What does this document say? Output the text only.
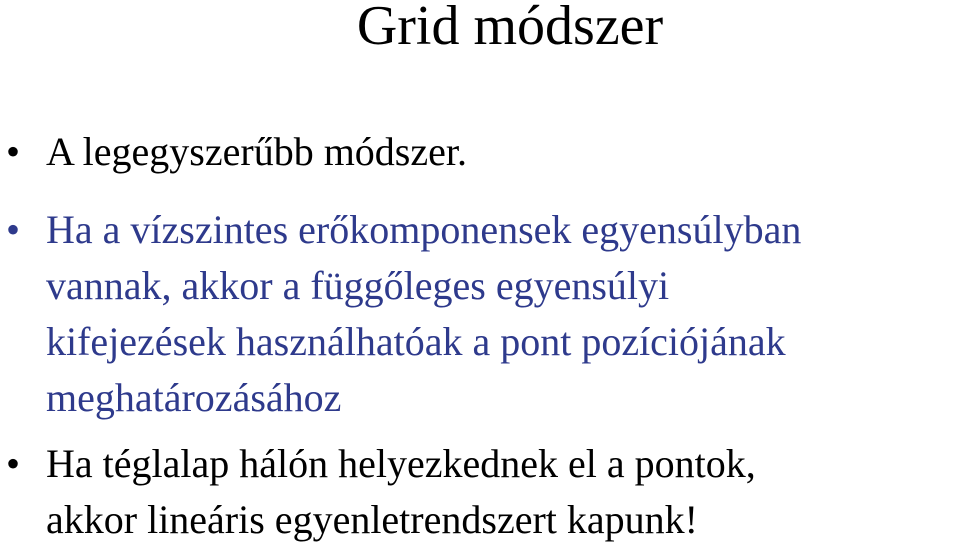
Grid módszer
• A legegyszerűbb módszer.
• Ha a vízszintes erőkomponensek egyensúlyban
vannak, akkor a függőleges egyensúlyi
kifejezések használhatóak a pont pozíciójának
meghatározásához
• Ha téglalap hálón helyezkednek el a pontok,
akkor lineáris egyenletrendszert kapunk!
